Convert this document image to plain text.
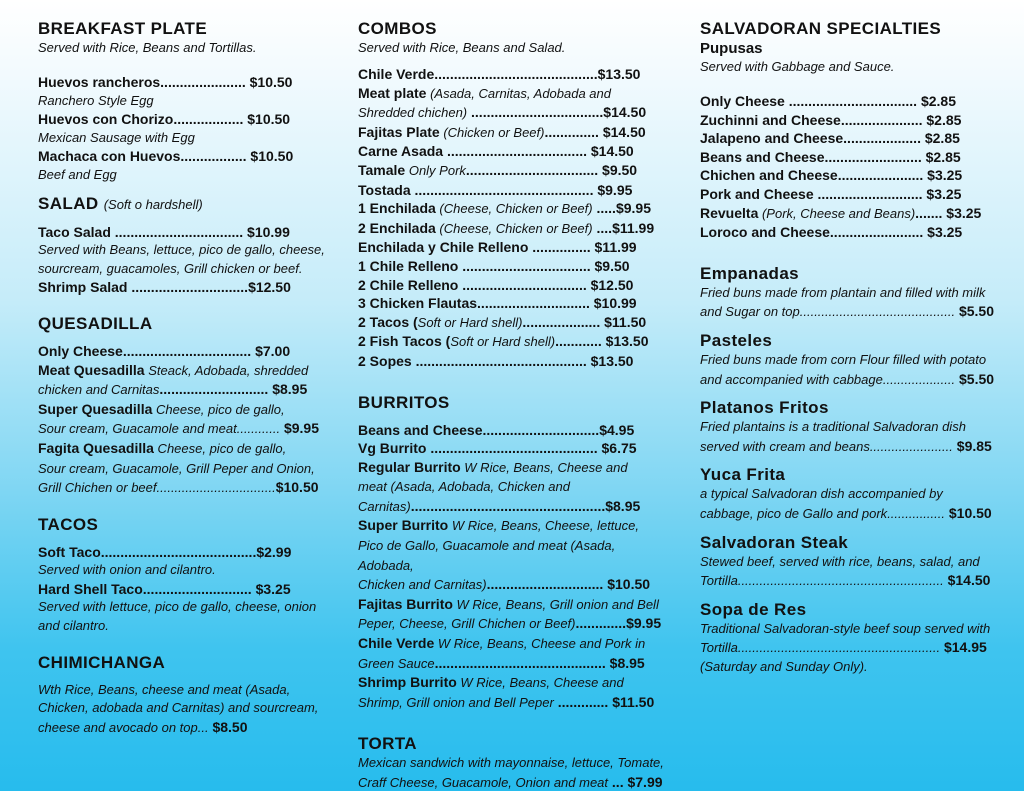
BREAKFAST PLATE
Served with Rice, Beans and Tortillas.
Huevos rancheros...................... $10.50
Ranchero Style Egg
Huevos con Chorizo.................. $10.50
Mexican Sausage with Egg
Machaca con Huevos................. $10.50
Beef and Egg
SALAD (Soft o hardshell)
Taco Salad ................................. $10.99
Served with Beans, lettuce, pico de gallo, cheese,
sourcream, guacamoles, Grill chicken or beef.
Shrimp Salad ..............................$12.50
QUESADILLA
Only Cheese................................. $7.00
Meat Quesadilla Steack, Adobada, shredded
chicken and Carnitas............................ $8.95
Super Quesadilla Cheese, pico de gallo,
Sour cream, Guacamole and meat............ $9.95
Fagita Quesadilla Cheese, pico de gallo,
Sour cream, Guacamole, Grill Peper and Onion,
Grill Chichen or beef.................................$10.50
TACOS
Soft Taco........................................$2.99
Served with onion and cilantro.
Hard Shell Taco............................ $3.25
Served with lettuce, pico de gallo, cheese, onion
and cilantro.
CHIMICHANGA
Wth Rice, Beans, cheese and meat (Asada,
Chicken, adobada and Carnitas) and sourcream,
cheese and avocado on top... $8.50
COMBOS
Served with Rice, Beans and Salad.
Chile Verde..........................................$13.50
Meat plate (Asada, Carnitas, Adobada and
Shredded chichen) ..................................$14.50
Fajitas Plate (Chicken or Beef).............. $14.50
Carne Asada .................................... $14.50
Tamale Only Pork.................................. $9.50
Tostada .............................................. $9.95
1 Enchilada (Cheese, Chicken or Beef) .....$9.95
2 Enchilada (Cheese, Chicken or Beef) ....$11.99
Enchilada y Chile Relleno ............... $11.99
1 Chile Relleno ................................. $9.50
2 Chile Relleno ................................ $12.50
3 Chicken Flautas............................. $10.99
2 Tacos (Soft or Hard shell).................... $11.50
2 Fish Tacos (Soft or Hard shell)............ $13.50
2 Sopes ............................................ $13.50
BURRITOS
Beans and Cheese..............................$4.95
Vg Burrito ........................................... $6.75
Regular Burrito W Rice, Beans, Cheese and
meat (Asada, Adobada, Chicken and
Carnitas)..................................................$8.95
Super Burrito W Rice, Beans, Cheese, lettuce,
Pico de Gallo, Guacamole and meat (Asada, Adobada,
Chicken and Carnitas).............................. $10.50
Fajitas Burrito W Rice, Beans, Grill onion and Bell
Peper, Cheese, Grill Chichen or Beef).............$9.95
Chile Verde W Rice, Beans, Cheese and Pork in
Green Sauce............................................ $8.95
Shrimp Burrito W Rice, Beans, Cheese and
Shrimp, Grill onion and Bell Peper ............. $11.50
TORTA
Mexican sandwich with mayonnaise, lettuce, Tomate,
Craff Cheese, Guacamole, Onion and meat ... $7.99
SALVADORAN SPECIALTIES
Pupusas
Served with Gabbage and Sauce.
Only Cheese ................................. $2.85
Zuchinni and Cheese..................... $2.85
Jalapeno and Cheese.................... $2.85
Beans and Cheese......................... $2.85
Chichen and Cheese...................... $3.25
Pork and Cheese ........................... $3.25
Revuelta (Pork, Cheese and Beans)....... $3.25
Loroco and Cheese........................ $3.25
Empanadas
Fried buns made from plantain and filled with milk
and Sugar on top........................................... $5.50
Pasteles
Fried buns made from corn Flour filled with potato
and accompanied with cabbage.................... $5.50
Platanos Fritos
Fried plantains is a traditional Salvadoran dish
served with cream and beans....................... $9.85
Yuca Frita
a typical Salvadoran dish accompanied by
cabbage, pico de Gallo and pork................ $10.50
Salvadoran Steak
Stewed beef, served with rice, beans, salad, and
Tortilla......................................................... $14.50
Sopa de Res
Traditional Salvadoran-style beef soup served with
Tortilla........................................................ $14.95
(Saturday and Sunday Only).
